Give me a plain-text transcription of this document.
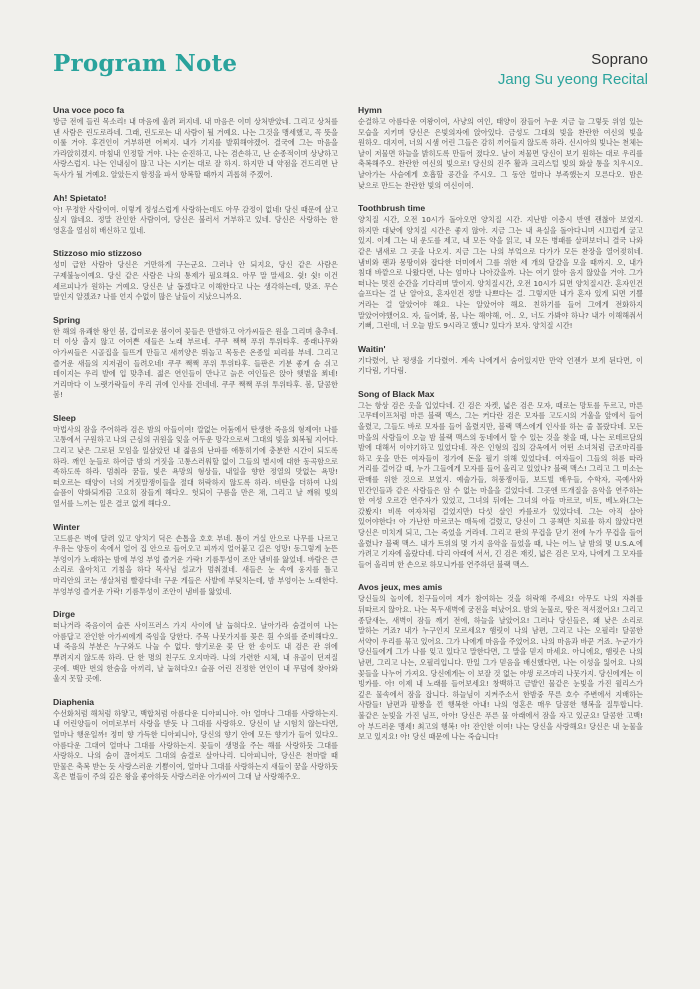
Program Note	Soprano
Jang Su yeong Recital
Una voce poco fa

방금 전에 들린 목소리! 내 마음에 울려 퍼지네. 내 마음은 이미 상처받았네. 그리고 상처를 낸 사람은 린도로라네. 그래, 린도로는 내 사람이 될 거예요. 나는 그것을 맹세했고, 꼭 뜻을 이룰 거야. 후견인이 거부하면 어쩌지. 내가 기지를 발휘해야겠어. 결국에 그는 마음을 가라앉히겠지. 마침내 인정할 거야. 나는 순진하고, 나는 겸손하고, 난 순종적이며 상냥하고 사랑스럽지. 나는 인내심이 많고 나는 시키는 대로 잘 하지. 하지만 내 약점을 건드리면 난 독사가 될 거예요. 알았든지 함정을 파서 항복할 때까지 괴롭혀 주겠어.

Ah! Spietato!

아! 무정한 사람이여. 이렇게 정성스럽게 사랑하는데도 아무 감정이 없네! 당신 때문에 살고 싶지 않네요. 정말 잔인한 사람이여, 당신은 불러서 거부하고 있네. 당신은 사랑하는 한 영혼을 열심히 배신하고 있네.

Stizzoso mio stizzoso

성미 급한 사람아 당신은 거만하게 구는군요. 그러나 안 되지요, 당신 같은 사람은 구제불능이예요. 당신 같은 사람은 나의 통제가 필요해요. 아무 말 말세요. 쉿! 쉿! 이건 세르피나가 원하는 거예요. 당신은 날 돕겠다고 이해한다고 나는 생각하는데, 맞죠. 무슨 말인지 알겠죠? 나를 언지 수없이 많은 날들이 지났으니까요.

Spring

한 해의 유쾌한 왕인 봄, 갑미로운 봄이여 꽃들은 만발하고 아가씨들은 원을 그리며 춤추네. 더 이상 춥지 않고 어여쁜 새들은 노래 부르네. 쿠쿠 짹짹 푸위 투위타후. 종래나무와 아가씨들은 시골집을 들뜨게 만들고 새끼양은 뛰놀고 목동은 온종일 피리를 부네. 그리고 즐거운 새들의 지저귐이 들려오네! 쿠쿠 짹짹 푸위 투위타후. 들판은 기분 좋게 숨 쉬고 데이지는 우리 발에 입 맞추네. 젊은 연인들이 만나고 늙은 여인들은 앉아 햇볕을 쬐네! 거리마다 이 노랫가락들이 우리 귀에 인사를 건네네. 쿠쿠 짹짹 푸위 투위타후. 봄, 달콤한 봄!

Sleep

마법사의 잠을 주어하라 검은 밤의 아들이여! 깔없는 어둠에서 탄생한 죽음의 형제여! 나를 고통에서 구원하고 나의 근심의 귀원을 잊을 어두운 망각으로써 그대의 빛을 회복될 지어다. 그리고 낮은 그로된 모임을 일삼았던 내 젊음의 난파를 애통히기에 충분한 시간이 되도록 하라. 깨인 눈들로 하여금 밤의 거짓을 고통스러워할 없이 그들의 별시에 대한 동곡함으로 족하도록 하라. 멈춰라 꿈들, 빛은 욕망의 형상들, 내일을 향한 정열의 맛없는 욕망! 떠오르는 태양이 너의 거짓말쟁이들을 절대 허락하지 않도록 하라. 비탄을 더하여 나의 슬픔이 약화되게끔 고요히 잠들게 해다오. 헛되이 구름을 만은 채, 그리고 날 깨워 빛의 열서를 느끼는 일은 결코 없게 해다오.

Winter

고드름은 벽에 달려 있고 양치기 딕은 손톱을 호호 부네. 톰이 거실 안으로 나무를 나르고 우유는 양동이 속에서 얼어 집 안으로 들어오고 피까지 얼어붙고 길은 엉망! 동그렇게 눈뜬 부엉이가 노래하는 밤에 부엉 부엉 즐거운 가락! 기름투성이 조안 냄비를 앓었네. 바람은 큰 소리로 울아치고 기침을 하다 목사님 설교가 멈춰졌네. 새들은 눈 속에 웅지를 틀고 마리안의 코는 생살처럼 빨갛다네! 구운 게들은 사발에 부딪치는데, 밤 부엉이는 노래한다. 부엉부엉 즐거운 가락! 기름투성이 조안이 냄비를 앓었네.

Dirge

떠나거라 죽음이여 슬픈 사이프러스 가지 사이에 날 눕혀다오. 날아가라 숨결이여 나는 아름답고 잔인한 아가씨에게 죽임을 당한다. 주목 나뭇가지를 꽂은 흰 수의를 준비해다오. 내 죽음의 부분은 누구와도 나눌 수 없다. 향기로운 꽃 단 한 송이도 내 검은 관 위에 뿌려지지 않도록 하라. 단 한 명의 친구도 오지마라. 나의 가련한 시체, 내 유골이 던져질 곳에. 백만 번의 한숨을 아끼리, 날 눕혀다오! 슬픔 어린 진정한 연인이 내 무덤에 찾아와 울지 못할 곳에.

Diaphenia

수선화처럼 해처럼 하얗고, 백합처럼 아름다운 디아피니아. 아! 얼마나 그대를 사랑하는지. 내 어린양들이 어미로부터 사랑을 받듯 나 그대를 사랑하오. 당신이 날 시험치 않는다면, 얼마나 행운일까! 정미 향 가득한 디아피니아, 당신의 향기 안에 모든 향기가 들어 있다오. 아름다운 그대여 얼마나 그대를 사랑하는지. 꽃들이 생명을 주는 해를 사랑하듯 그대를 사랑하오. 나의 숨이 끊어져도 그대의 숨결로 살아나리. 디아피니아, 당신은 천마랄 때 만물은 축복 받는 듯 사랑스러운 기쁨이여, 얼마나 그대를 사랑하는지 새들이 꿈을 사랑하듯 혹은 별들이 주의 깊은 왕을 좋아하듯 사랑스러운 아가씨여 그대 날 사랑해주오.

Hymn

순결하고 아름다운 여왕이여, 사냥의 여인, 태양이 잠들어 누운 지금 늘 그렇듯 위엄 있는 모습을 지키며 당신은 은빛의자에 앉아있다. 금성도 그대의 빛을 찬란한 여신의 빛을 원하오. 대지여, 너의 시샘 어린 그들은 감히 끼어들지 않도록 하라. 신시아의 빛나는 천체는 날이 저물면 하늘을 밝히도록 만들어 졌다오. 날이 저물면 당신이 보기 원하는 대로 우리를 축복해주오. 찬란한 여신의 빛으로! 당신의 진주 활과 크리스털 빛의 화살 통을 치우시오. 날아가는 사슴에게 호흡할 공간을 주시오. 그 동안 얼마나 부족했는지 모른다오. 밤은 낮으로 만드는 찬란한 빛의 여신이여.

Toothbrush time

양치질 시간, 오전 10시가 돌아오면 양치질 시간. 지난밤 이층시 반엔 괜찮아 보였지. 하지만 대낮에 양치질 시간은 좋지 않아. 지금 그는 내 욕실을 돌아다니며 시끄럽게 굴고 있지. 이제 그는 내 운도를 제고, 내 모든 약을 읽고, 내 모든 병패를 살펴보더니 결국 나와 같은 냄새로 그 곳을 나오지. 지금 그는 나의 부엌으로 다가가 모든 찬장을 열어젖히네. 냄비와 팬과 몽땅이와 잡다한 더미에서 그를 위한 세 개의 달걀을 모을 때까지. 오, 내가 침대 바깥으로 나왔다면, 나는 엄마나 나아갔을까. 나는 여기 앉아 음지 않았을 거야. 그가 떠나는 멋진 순간을 기다리며 말이지. 양치질시간, 오전 10시가 되면 양치질시간. 혼자인건 슬프다는 걸 난 알아요, 혼자인건 정말 나쁘다는 걸. 그렇지만 내가 혼자 있게 되면 기쁠 거라는 걸 알았어야 해요. 나는 알았어야 해요. 친하기를 들어 그에게 전화하지 말았어야했어요. 자, 들어봐, 몸, 나는 해야해, 어.. 오, 너도 가봐야 하나? 내가 이해해줘서 기뻐, 그런데, 너 오늘 밤도 9시라고 했니? 있다가 보자. 양치질 시간!

Waitin'

기다렸어, 난 평생을 기다렸어. 계속 나에게서 숨어있지만 만약 언젠가 보게 된다면, 이 기다림, 기다림.

Song of Black Max

그는 항상 검은 옷을 입었다네. 긴 검은 자켓, 넓은 검은 모자, 때로는 망토를 두르고, 마른 고무테이프처럼 마른 블랙 맥스, 그는 커다란 검은 모자를 고도시의 거울을 앞에서 들어 올렸고, 그들도 바로 모자를 들어 올렸지만, 블랙 맥스에게 인사를 하는 줄 몰랐다네. 모든 마을의 사람들이 오늘 밤 블랙 맥스의 동네에서 할 수 있는 것을 찾을 때, 나는 로테르담의 밤에 대해서 이야기하고 있었다네. 작은 인형의 집의 감옥에서 어떤 소녀처럼 금조마리를 하고 웃을 만든 여자들이 정가에 돈을 필기 위해 있었다네. 여자들이 그들의 허름 따라 거리를 걸어갈 때, 누가 그들에게 모자를 들어 올리고 있었나? 블랙 맥스! 그리고 그 미소는 판매를 위한 것으로 보였지. 예술가들, 허풍쟁이들, 보드빌 배우들, 수학자, 곡예사와 민간인들과 같은 사람들은 암 수 없는 마을을 걸었다네. 그곳엔 뜨개질을 음악을 연주하는 한 여성 오르간 연주자가 있었고, 그녀의 뒤에는 그녀의 아들 마르코, 비토, 베노와(그는 갔봤지! 비록 여자처럼 걸었지만) 다섯 살인 카를로가 있었다네. 그는 아직 살아 있어야한다! 아 가난한 마르코는 매독에 걸렸고, 당신이 그 공책만 치료를 하지 않았다면 당신은 미치게 되고, 그는 죽었을 거라네. 그리고 판의 무겁을 닫기 전에 누가 무겁을 들어 올렸나? 블랙 맥스. 내가 트위의 몇 가지 음악을 들었을 때, 나는 어느 날 밤의 몇 U.S.A.에 가려고 기자에 올랐다네. 다리 아래에 서서, 긴 검은 재킷, 넓은 검은 모자, 나에게 그 모자를 들어 올리며 한 손으로 하모니카를 연주하던 블랙 맥스.

Avos jeux, mes amis

당신들의 놀이에, 친구들이여 제가 참여하는 것을 허락해 주세요! 아무도 나의 자취를 뒤따르지 않아요. 나는 목두새벽에 궁전을 떠났어요. 밤의 눈물로, 땅은 적셔졌어요! 그리고 종달새는, 새벽이 잠들 깨기 전에, 하늘을 날았어요! 그러나 당신들은, 왜 낮은 소리로 말하는 거죠? 내가 누구인지 모르세요? 햄릿이 나의 남편, 그리고 나는 오필리! 달콤한 서약이 우리를 묶고 있어요. 그가 나에게 마음을 주었어요. 나의 마음과 바꾼 거죠. 누군가가 당신들에게 그가 나를 잊고 있다고 말한다면, 그 말을 믿지 마세요. 아니에요, 햄릿은 나의 남편, 그리고 나는, 오필리입니다. 만일 그가 믿음을 배신했다면, 나는 이성을 잃어요. 나의 꽃들을 나누어 가져요. 당신에게는 이 보잘 것 없는 야생 로즈마리 나뭇가지. 당신에게는 이 빙카를. 아! 이제 내 노래를 들어보세요! 창백하고 금발인 물같은 눈빛을 가진 윌리스가 깊은 물속에서 잠을 잡니다. 하늘님이 지켜주소서 한밤중 무른 호수 주변에서 지배하는 사람들! 남편과 팔짱을 낀 행복한 아내! 나의 영혼은 매우 달콤한 행복을 질투합니다. 불같은 눈빛을 가진 님프, 아아! 당신은 푸른 물 아래에서 잠을 자고 있군요! 달콤한 고백! 아 부드러운 맹세! 최고의 행복! 아! 잔인한 이여! 나는 당신을 사랑해요! 당신은 내 눈물을 보고 있지요! 아! 당신 때문에 나는 죽습니다!
